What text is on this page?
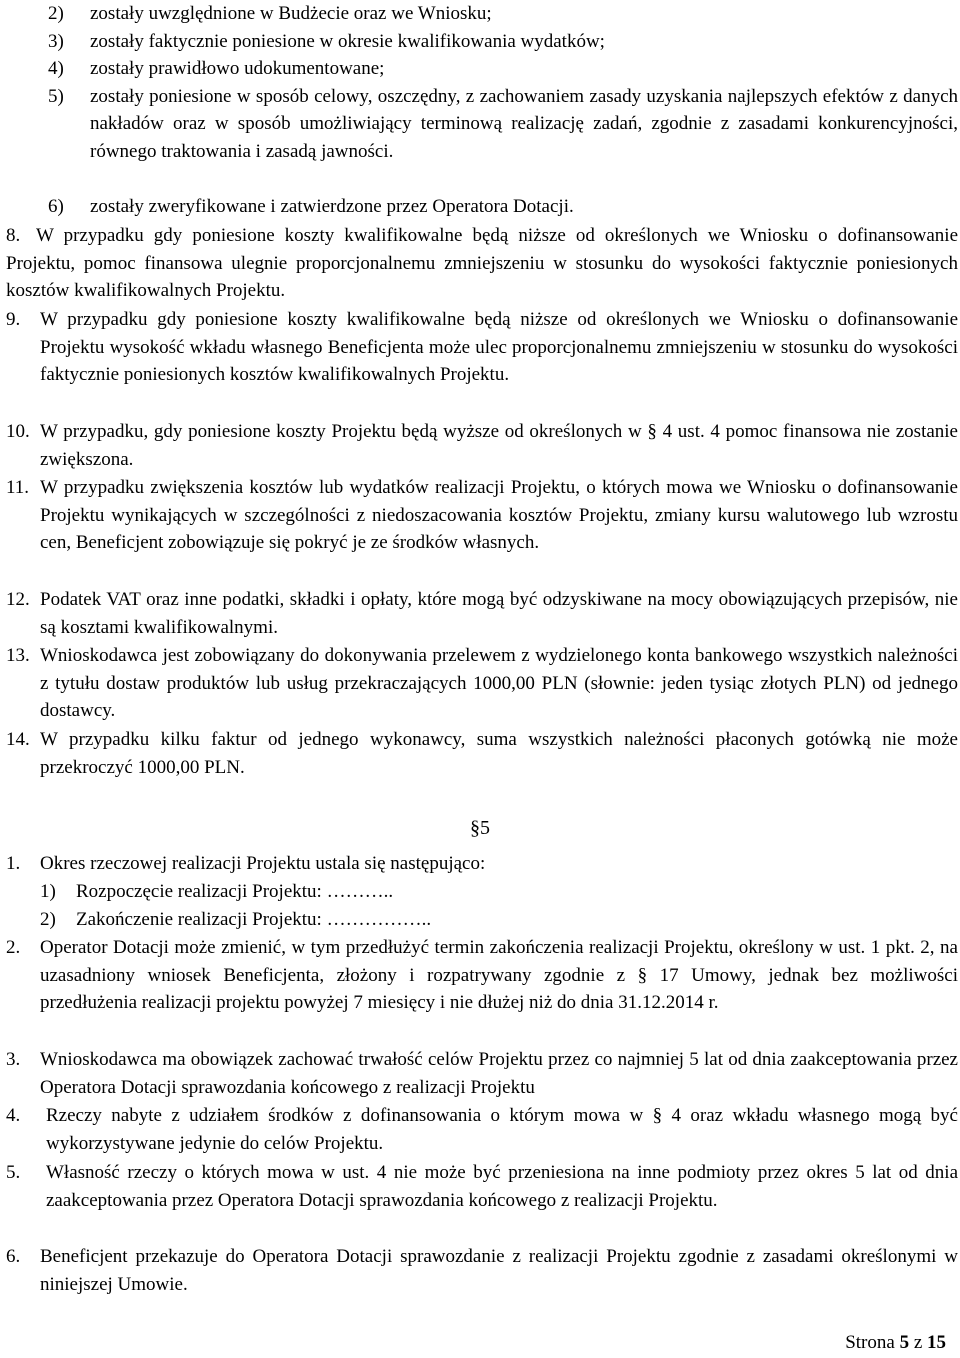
2)	zostały uwzględnione w Budżecie oraz we Wniosku;
3)	zostały faktycznie poniesione w okresie kwalifikowania wydatków;
4)	zostały prawidłowo udokumentowane;
5)	zostały poniesione w sposób celowy, oszczędny, z zachowaniem zasady uzyskania najlepszych efektów z danych nakładów oraz w sposób umożliwiający terminową realizację zadań, zgodnie z zasadami konkurencyjności, równego traktowania i zasadą jawności.
6)	zostały zweryfikowane i zatwierdzone przez Operatora Dotacji.
8. W przypadku gdy poniesione koszty kwalifikowalne będą niższe od określonych we Wniosku o dofinansowanie Projektu, pomoc finansowa ulegnie proporcjonalnemu zmniejszeniu w stosunku do wysokości faktycznie poniesionych kosztów kwalifikowalnych Projektu.
9.	W przypadku gdy poniesione koszty kwalifikowalne będą niższe od określonych we Wniosku o dofinansowanie Projektu wysokość wkładu własnego Beneficjenta może ulec proporcjonalnemu zmniejszeniu w stosunku do wysokości faktycznie poniesionych kosztów kwalifikowalnych Projektu.
10. W przypadku, gdy poniesione koszty Projektu będą wyższe od określonych w § 4 ust. 4 pomoc finansowa nie zostanie zwiększona.
11. W przypadku zwiększenia kosztów lub wydatków realizacji Projektu, o których mowa we Wniosku o dofinansowanie Projektu wynikających w szczególności z niedoszacowania kosztów Projektu, zmiany kursu walutowego lub wzrostu cen, Beneficjent zobowiązuje się pokryć je ze środków własnych.
12. Podatek VAT oraz inne podatki, składki i opłaty, które mogą być odzyskiwane na mocy obowiązujących przepisów, nie są kosztami kwalifikowalnymi.
13. Wnioskodawca jest zobowiązany do dokonywania przelewem z wydzielonego konta bankowego wszystkich należności z tytułu dostaw produktów lub usług przekraczających 1000,00 PLN (słownie: jeden tysiąc złotych PLN) od jednego dostawcy.
14. W przypadku kilku faktur od jednego wykonawcy, suma wszystkich należności płaconych gotówką nie może przekroczyć 1000,00 PLN.
§5
1.	Okres rzeczowej realizacji Projektu ustala się następująco:
1)	Rozpoczęcie realizacji Projektu: ………..
2)	Zakończenie realizacji Projektu: ……………..
2.	Operator Dotacji może zmienić, w tym przedłużyć termin zakończenia realizacji Projektu, określony w ust. 1 pkt. 2, na uzasadniony wniosek Beneficjenta, złożony i rozpatrywany zgodnie z § 17 Umowy, jednak bez możliwości przedłużenia realizacji projektu powyżej 7 miesięcy i nie dłużej niż do dnia 31.12.2014 r.
3.	Wnioskodawca ma obowiązek zachować trwałość celów Projektu przez co najmniej 5 lat od dnia zaakceptowania przez Operatora Dotacji sprawozdania końcowego z realizacji Projektu
4.	Rzeczy nabyte z udziałem środków z dofinansowania o którym mowa w § 4 oraz wkładu własnego mogą być wykorzystywane jedynie do celów Projektu.
5.	Własność rzeczy o których mowa w ust. 4 nie może być przeniesiona na inne podmioty przez okres 5 lat od dnia zaakceptowania przez Operatora Dotacji sprawozdania końcowego z realizacji Projektu.
6.	Beneficjent przekazuje do Operatora Dotacji sprawozdanie z realizacji Projektu zgodnie z zasadami określonymi w niniejszej Umowie.
Strona 5 z 15
